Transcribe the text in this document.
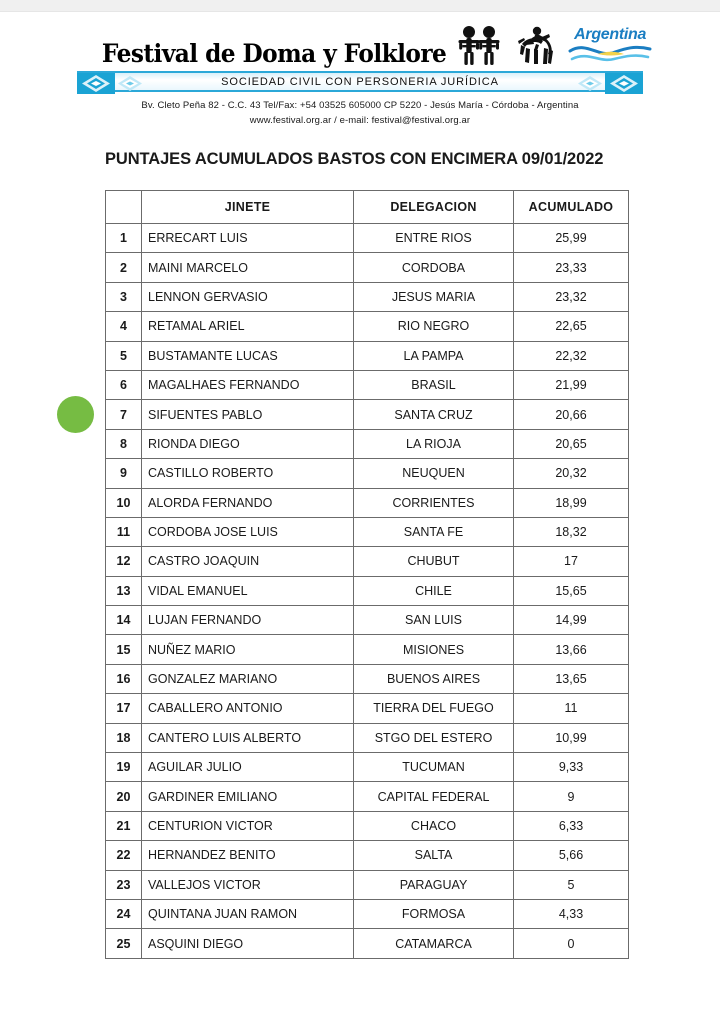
Festival de Doma y Folklore
Argentina
SOCIEDAD CIVIL CON PERSONERIA JURÍDICA
Bv. Cleto Peña 82 - C.C. 43 Tel/Fax: +54 03525 605000 CP 5220 - Jesús María - Córdoba - Argentina
www.festival.org.ar / e-mail: festival@festival.org.ar
PUNTAJES ACUMULADOS BASTOS CON ENCIMERA 09/01/2022
	JINETE	DELEGACION	ACUMULADO
1	ERRECART LUIS	ENTRE RIOS	25,99
2	MAINI MARCELO	CORDOBA	23,33
3	LENNON GERVASIO	JESUS MARIA	23,32
4	RETAMAL ARIEL	RIO NEGRO	22,65
5	BUSTAMANTE LUCAS	LA PAMPA	22,32
6	MAGALHAES FERNANDO	BRASIL	21,99
7	SIFUENTES PABLO	SANTA CRUZ	20,66
8	RIONDA DIEGO	LA RIOJA	20,65
9	CASTILLO ROBERTO	NEUQUEN	20,32
10	ALORDA FERNANDO	CORRIENTES	18,99
11	CORDOBA JOSE LUIS	SANTA FE	18,32
12	CASTRO JOAQUIN	CHUBUT	17
13	VIDAL EMANUEL	CHILE	15,65
14	LUJAN FERNANDO	SAN LUIS	14,99
15	NUÑEZ MARIO	MISIONES	13,66
16	GONZALEZ MARIANO	BUENOS AIRES	13,65
17	CABALLERO ANTONIO	TIERRA DEL FUEGO	11
18	CANTERO LUIS ALBERTO	STGO DEL ESTERO	10,99
19	AGUILAR JULIO	TUCUMAN	9,33
20	GARDINER EMILIANO	CAPITAL FEDERAL	9
21	CENTURION VICTOR	CHACO	6,33
22	HERNANDEZ BENITO	SALTA	5,66
23	VALLEJOS VICTOR	PARAGUAY	5
24	QUINTANA JUAN RAMON	FORMOSA	4,33
25	ASQUINI DIEGO	CATAMARCA	0
